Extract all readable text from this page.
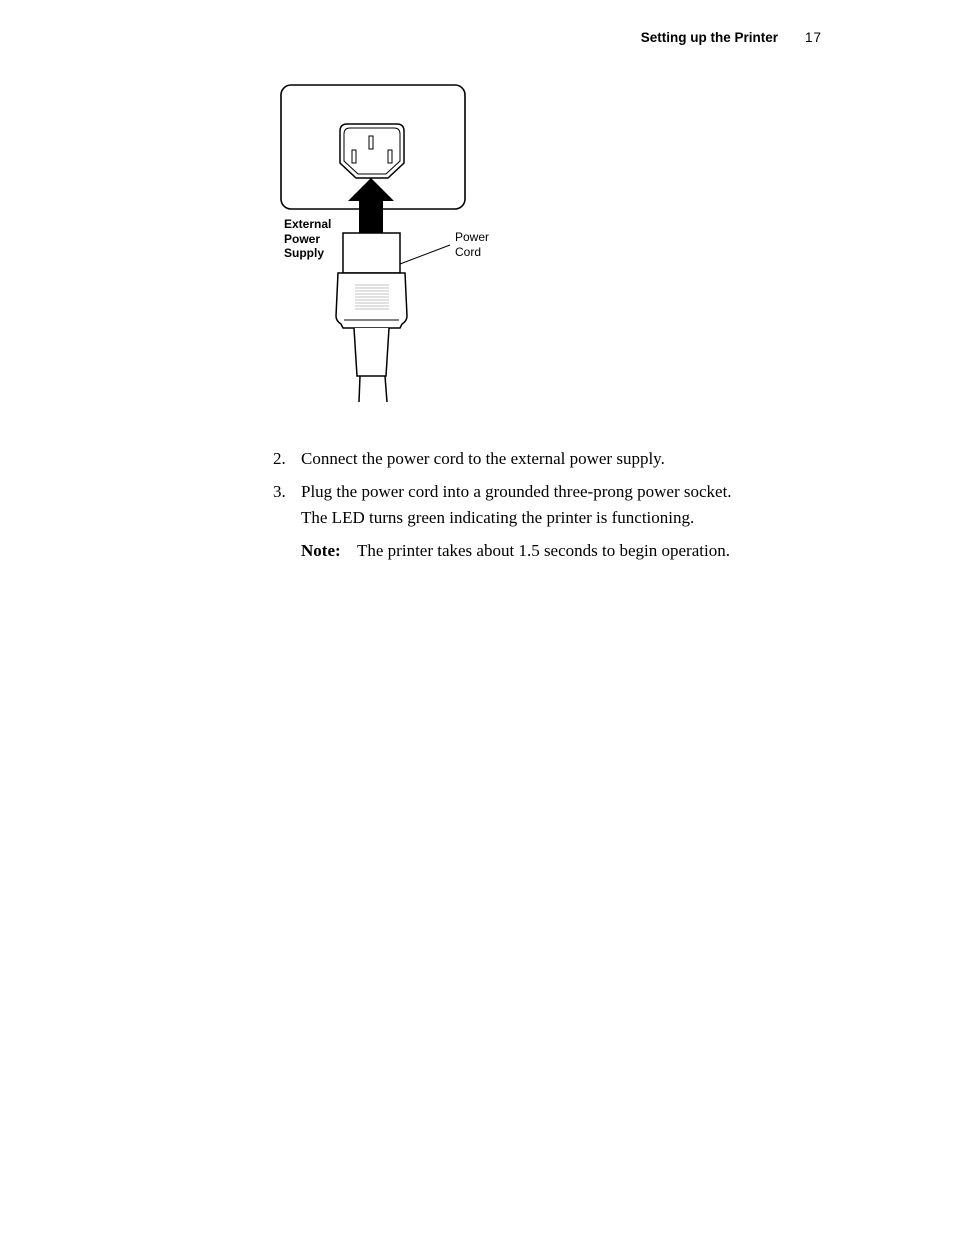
Setting up the Printer 17
External
Power
Supply
Power
Cord
2. Connect the power cord to the external power supply.
3. Plug the power cord into a grounded three-prong power socket.
The LED turns green indicating the printer is functioning.
Note: The printer takes about 1.5 seconds to begin operation.
